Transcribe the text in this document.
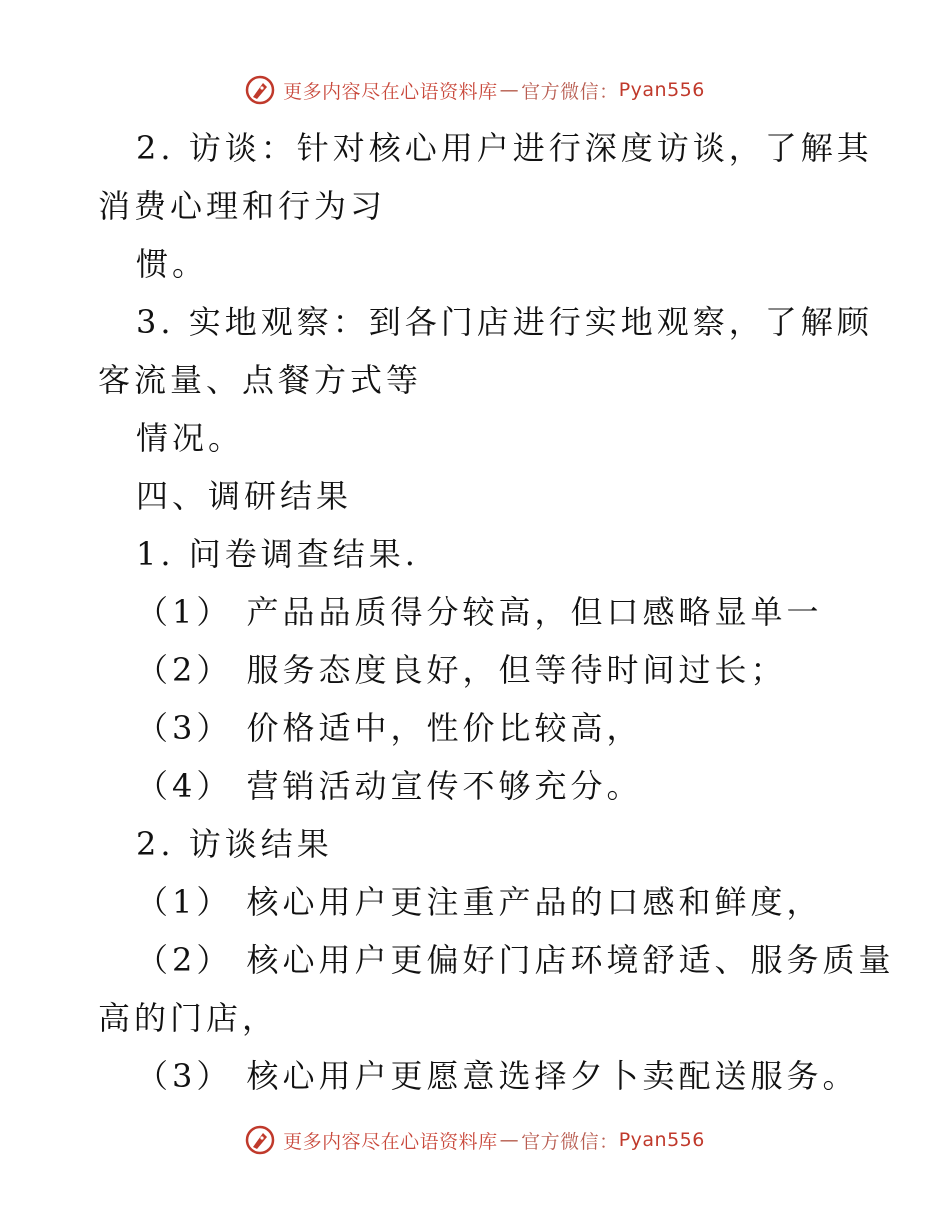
更多内容尽在心语资料库 — 官方微信： Pyan556
2. 访谈：针对核心用户进行深度访谈，了解其
消费心理和行为习
惯。
3. 实地观察：到各门店进行实地观察，了解顾
客流量、点餐方式等
情况。
四、调研结果
1. 问卷调查结果.
（1） 产品品质得分较高，但口感略显单一
（2） 服务态度良好，但等待时间过长；
（3） 价格适中，性价比较高，
（4） 营销活动宣传不够充分。
2. 访谈结果
（1） 核心用户更注重产品的口感和鲜度，
（2） 核心用户更偏好门店环境舒适、服务质量
高的门店，
（3） 核心用户更愿意选择夕卜卖配送服务。
更多内容尽在心语资料库 — 官方微信： Pyan556
